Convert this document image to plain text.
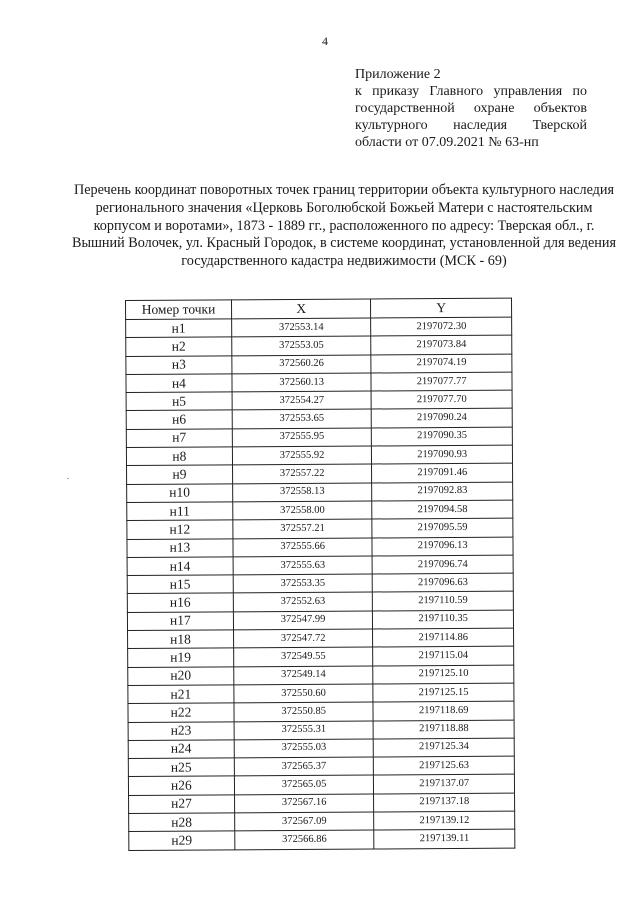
4
Приложение 2
к приказу Главного управления по государственной охране объектов культурного наследия Тверской области от 07.09.2021 № 63-нп
Перечень координат поворотных точек границ территории объекта культурного наследия регионального значения «Церковь Боголюбской Божьей Матери с настоятельским корпусом и воротами», 1873 - 1889 гг., расположенного по адресу: Тверская обл., г. Вышний Волочек, ул. Красный Городок, в системе координат, установленной для ведения государственного кадастра недвижимости (МСК - 69)
Номер точки	X	Y
н1	372553.14	2197072.30
н2	372553.05	2197073.84
н3	372560.26	2197074.19
н4	372560.13	2197077.77
н5	372554.27	2197077.70
н6	372553.65	2197090.24
н7	372555.95	2197090.35
н8	372555.92	2197090.93
н9	372557.22	2197091.46
н10	372558.13	2197092.83
н11	372558.00	2197094.58
н12	372557.21	2197095.59
н13	372555.66	2197096.13
н14	372555.63	2197096.74
н15	372553.35	2197096.63
н16	372552.63	2197110.59
н17	372547.99	2197110.35
н18	372547.72	2197114.86
н19	372549.55	2197115.04
н20	372549.14	2197125.10
н21	372550.60	2197125.15
н22	372550.85	2197118.69
н23	372555.31	2197118.88
н24	372555.03	2197125.34
н25	372565.37	2197125.63
н26	372565.05	2197137.07
н27	372567.16	2197137.18
н28	372567.09	2197139.12
н29	372566.86	2197139.11
